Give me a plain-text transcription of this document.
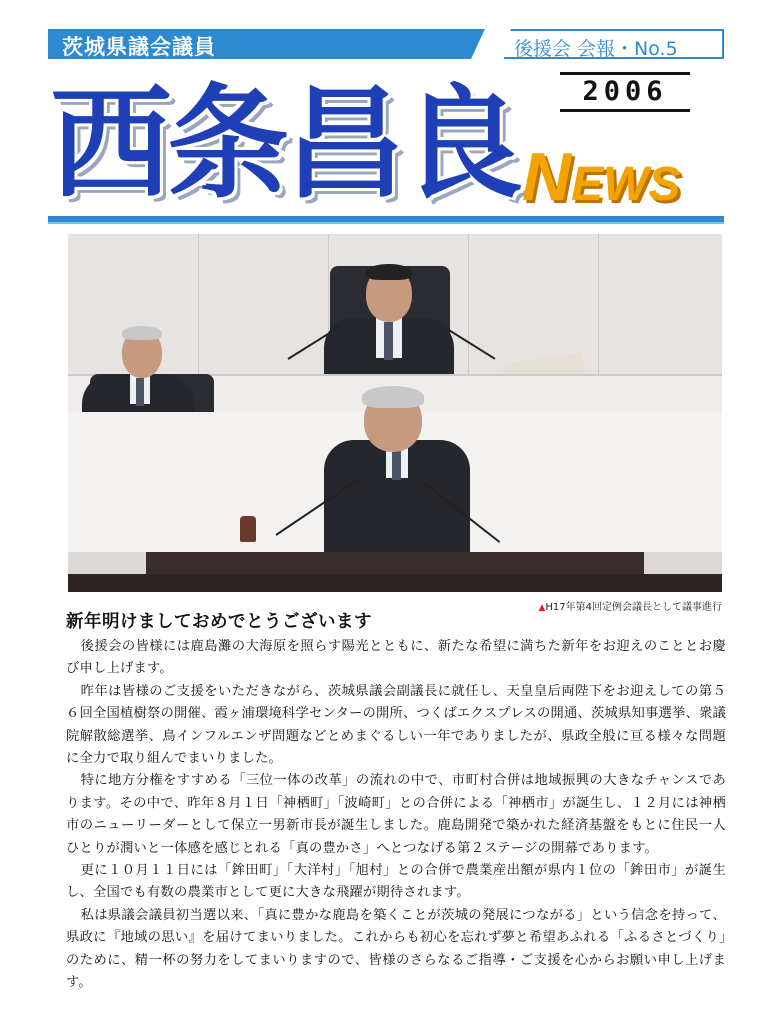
茨城県議会議員	後援会 会報・No.5
2006
西条昌良 NEWS
▲H17年第4回定例会議長として議事進行
新年明けましておめでとうございます

後援会の皆様には鹿島灘の大海原を照らす陽光とともに、新たな希望に満ちた新年をお迎えのこととお慶び申し上げます。

昨年は皆様のご支援をいただきながら、茨城県議会副議長に就任し、天皇皇后両陛下をお迎えしての第５６回全国植樹祭の開催、霞ヶ浦環境科学センターの開所、つくばエクスプレスの開通、茨城県知事選挙、衆議院解散総選挙、鳥インフルエンザ問題などとめまぐるしい一年でありましたが、県政全般に亘る様々な問題に全力で取り組んでまいりました。

特に地方分権をすすめる「三位一体の改革」の流れの中で、市町村合併は地域振興の大きなチャンスであります。その中で、昨年８月１日「神栖町」「波崎町」との合併による「神栖市」が誕生し、１２月には神栖市のニューリーダーとして保立一男新市長が誕生しました。鹿島開発で築かれた経済基盤をもとに住民一人ひとりが潤いと一体感を感じとれる「真の豊かさ」へとつなげる第２ステージの開幕であります。

更に１０月１１日には「鉾田町」「大洋村」「旭村」との合併で農業産出額が県内１位の「鉾田市」が誕生し、全国でも有数の農業市として更に大きな飛躍が期待されます。

私は県議会議員初当選以来、「真に豊かな鹿島を築くことが茨城の発展につながる」という信念を持って、県政に『地域の思い』を届けてまいりました。これからも初心を忘れず夢と希望あふれる「ふるさとづくり」のために、精一杯の努力をしてまいりますので、皆様のさらなるご指導・ご支援を心からお願い申し上げます。
